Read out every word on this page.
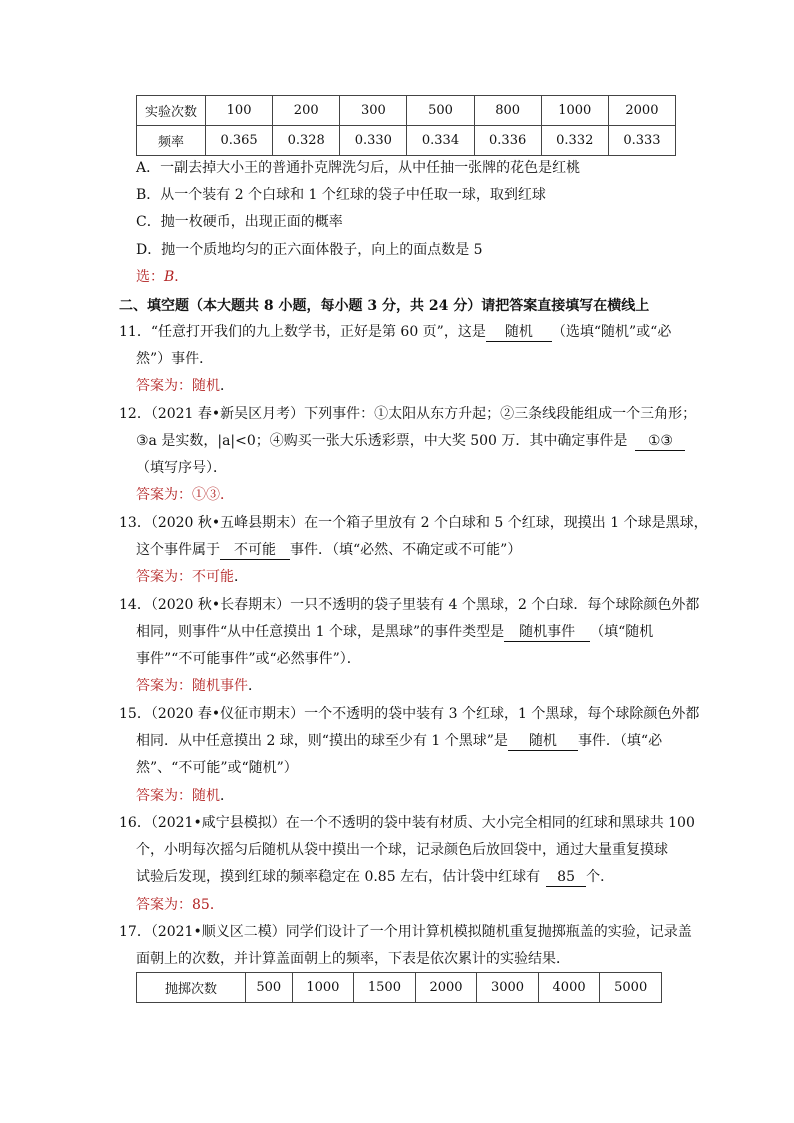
实验次数	100	200	300	500	800	1000	2000
频率	0.365	0.328	0.330	0.334	0.336	0.332	0.333
A．一副去掉大小王的普通扑克牌洗匀后，从中任抽一张牌的花色是红桃
B．从一个装有 2 个白球和 1 个红球的袋子中任取一球，取到红球
C．抛一枚硬币，出现正面的概率
D．抛一个质地均匀的正六面体骰子，向上的面点数是 5
选：B．
二、填空题（本大题共 8 小题，每小题 3 分，共 24 分）请把答案直接填写在横线上
11．“任意打开我们的九上数学书，正好是第 60 页”，这是 随机 （选填“随机”或“必
然”）事件．
答案为：随机．
12．（2021 春•新吴区月考）下列事件：①太阳从东方升起；②三条线段能组成一个三角形；
③a 是实数，|a|<0；④购买一张大乐透彩票，中大奖 500 万．其中确定事件是 ①③
（填写序号）．
答案为：①③．
13．（2020 秋•五峰县期末）在一个箱子里放有 2 个白球和 5 个红球，现摸出 1 个球是黑球，
这个事件属于 不可能 事件．（填“必然、不确定或不可能”）
答案为：不可能．
14．（2020 秋•长春期末）一只不透明的袋子里装有 4 个黑球，2 个白球．每个球除颜色外都
相同，则事件“从中任意摸出 1 个球，是黑球”的事件类型是 随机事件 （填“随机
事件”“不可能事件”或“必然事件”）．
答案为：随机事件．
15．（2020 春•仪征市期末）一个不透明的袋中装有 3 个红球，1 个黑球，每个球除颜色外都
相同．从中任意摸出 2 球，则“摸出的球至少有 1 个黑球”是 随机 事件．（填“必
然”、“不可能”或“随机”）
答案为：随机．
16．（2021•咸宁县模拟）在一个不透明的袋中装有材质、大小完全相同的红球和黑球共 100
个，小明每次摇匀后随机从袋中摸出一个球，记录颜色后放回袋中，通过大量重复摸球
试验后发现，摸到红球的频率稳定在 0.85 左右，估计袋中红球有 85 个．
答案为：85．
17．（2021•顺义区二模）同学们设计了一个用计算机模拟随机重复抛掷瓶盖的实验，记录盖
面朝上的次数，并计算盖面朝上的频率，下表是依次累计的实验结果．
抛掷次数	500	1000	1500	2000	3000	4000	5000
